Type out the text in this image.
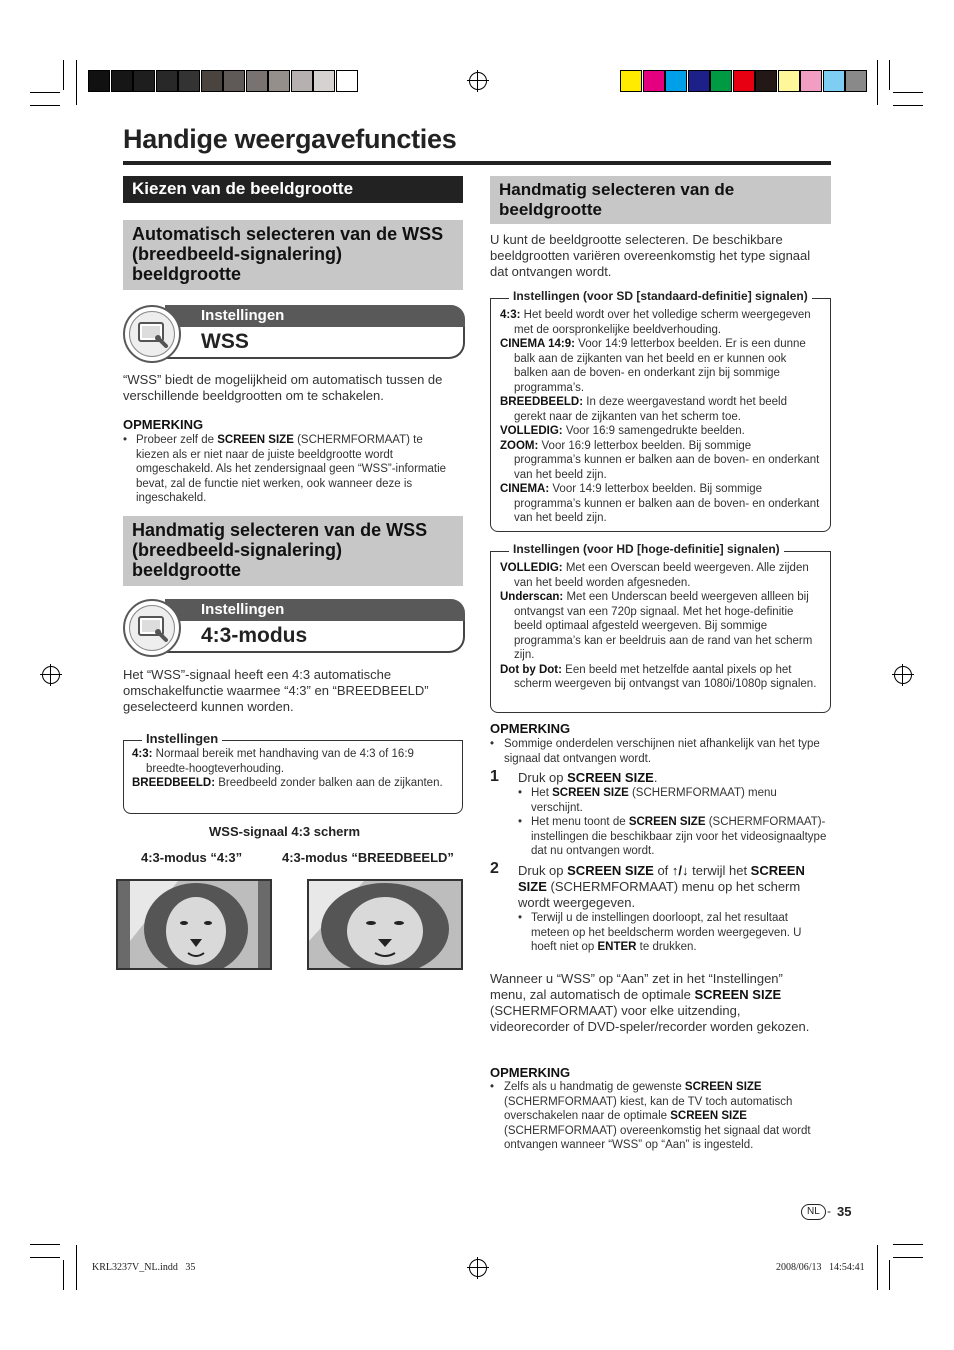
Handige weergavefuncties
Kiezen van de beeldgrootte
Automatisch selecteren van de WSS (breedbeeld-signalering) beeldgrootte
Instellingen
WSS
“WSS” biedt de mogelijkheid om automatisch tussen de verschillende beeldgrootten om te schakelen.
OPMERKING
• Probeer zelf de SCREEN SIZE (SCHERMFORMAAT) te kiezen als er niet naar de juiste beeldgrootte wordt omgeschakeld. Als het zendersignaal geen “WSS”-informatie bevat, zal de functie niet werken, ook wanneer deze is ingeschakeld.
Handmatig selecteren van de WSS (breedbeeld-signalering) beeldgrootte
Instellingen
4:3-modus
Het “WSS”-signaal heeft een 4:3 automatische omschakelfunctie waarmee “4:3” en “BREEDBEELD” geselecteerd kunnen worden.
Instellingen
4:3: Normaal bereik met handhaving van de 4:3 of 16:9 breedte-hoogteverhouding.
BREEDBEELD: Breedbeeld zonder balken aan de zijkanten.
WSS-signaal 4:3 scherm
4:3-modus “4:3”	4:3-modus “BREEDBEELD”
Handmatig selecteren van de beeldgrootte
U kunt de beeldgrootte selecteren. De beschikbare beeldgrootten variëren overeenkomstig het type signaal dat ontvangen wordt.
Instellingen (voor SD [standaard-definitie] signalen)
4:3: Het beeld wordt over het volledige scherm weergegeven met de oorspronkelijke beeldverhouding.
CINEMA 14:9: Voor 14:9 letterbox beelden. Er is een dunne balk aan de zijkanten van het beeld en er kunnen ook balken aan de boven- en onderkant zijn bij sommige programma’s.
BREEDBEELD: In deze weergavestand wordt het beeld gerekt naar de zijkanten van het scherm toe.
VOLLEDIG: Voor 16:9 samengedrukte beelden.
ZOOM: Voor 16:9 letterbox beelden. Bij sommige programma’s kunnen er balken aan de boven- en onderkant van het beeld zijn.
CINEMA: Voor 14:9 letterbox beelden. Bij sommige programma’s kunnen er balken aan de boven- en onderkant van het beeld zijn.
Instellingen (voor HD [hoge-definitie] signalen)
VOLLEDIG: Met een Overscan beeld weergeven. Alle zijden van het beeld worden afgesneden.
Underscan: Met een Underscan beeld weergeven allleen bij ontvangst van een 720p signaal. Met het hoge-definitie beeld optimaal afgesteld weergeven. Bij sommige programma’s kan er beeldruis aan de rand van het scherm zijn.
Dot by Dot: Een beeld met hetzelfde aantal pixels op het scherm weergeven bij ontvangst van 1080i/1080p signalen.
OPMERKING
• Sommige onderdelen verschijnen niet afhankelijk van het type signaal dat ontvangen wordt.
1 Druk op SCREEN SIZE.
• Het SCREEN SIZE (SCHERMFORMAAT) menu verschijnt.
• Het menu toont de SCREEN SIZE (SCHERMFORMAAT)-instellingen die beschikbaar zijn voor het videosignaaltype dat nu ontvangen wordt.
2 Druk op SCREEN SIZE of ↑/↓ terwijl het SCREEN SIZE (SCHERMFORMAAT) menu op het scherm wordt weergegeven.
• Terwijl u de instellingen doorloopt, zal het resultaat meteen op het beeldscherm worden weergegeven. U hoeft niet op ENTER te drukken.
Wanneer u “WSS” op “Aan” zet in het “Instellingen” menu, zal automatisch de optimale SCREEN SIZE (SCHERMFORMAAT) voor elke uitzending, videorecorder of DVD-speler/recorder worden gekozen.
OPMERKING
• Zelfs als u handmatig de gewenste SCREEN SIZE (SCHERMFORMAAT) kiest, kan de TV toch automatisch overschakelen naar de optimale SCREEN SIZE (SCHERMFORMAAT) overeenkomstig het signaal dat wordt ontvangen wanneer “WSS” op “Aan” is ingesteld.
NL - 35
KRL3237V_NL.indd   35	2008/06/13   14:54:41
